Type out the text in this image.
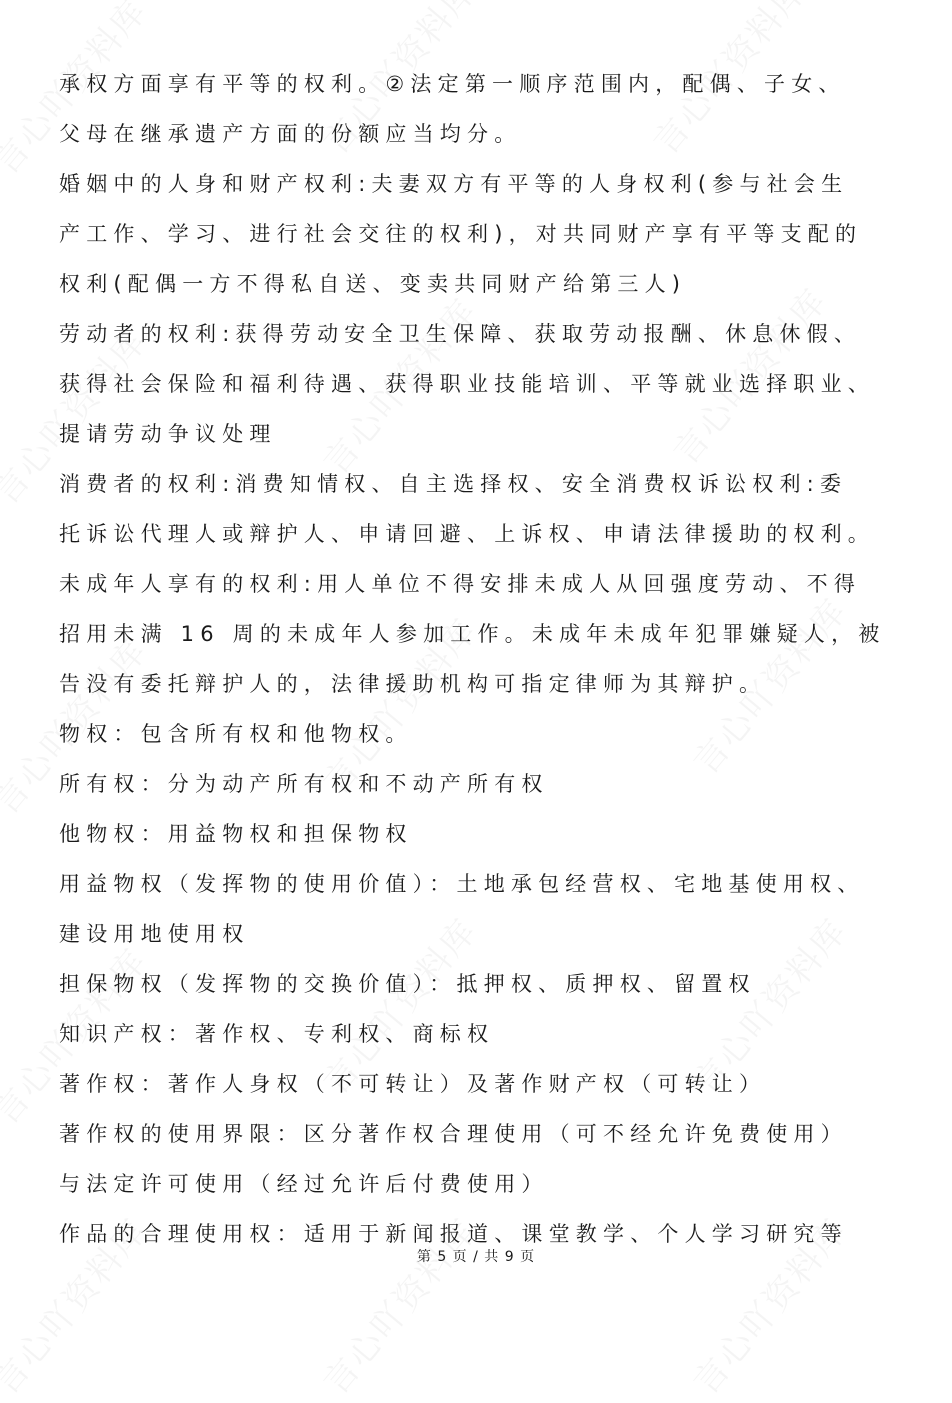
承权方面享有平等的权利。②法定第一顺序范围内，配偶、子女、
父母在继承遗产方面的份额应当均分。
婚姻中的人身和财产权利:夫妻双方有平等的人身权利(参与社会生
产工作、学习、进行社会交往的权利)，对共同财产享有平等支配的
权利(配偶一方不得私自送、变卖共同财产给第三人)
劳动者的权利:获得劳动安全卫生保障、获取劳动报酬、休息休假、
获得社会保险和福利待遇、获得职业技能培训、平等就业选择职业、
提请劳动争议处理
消费者的权利:消费知情权、自主选择权、安全消费权诉讼权利:委
托诉讼代理人或辩护人、申请回避、上诉权、申请法律援助的权利。
未成年人享有的权利:用人单位不得安排未成人从回强度劳动、不得
招用未满 16 周的未成年人参加工作。未成年未成年犯罪嫌疑人，被
告没有委托辩护人的，法律援助机构可指定律师为其辩护。
物权：包含所有权和他物权。
所有权：分为动产所有权和不动产所有权
他物权：用益物权和担保物权
用益物权（发挥物的使用价值）：土地承包经营权、宅地基使用权、
建设用地使用权
担保物权（发挥物的交换价值）：抵押权、质押权、留置权
知识产权：著作权、专利权、商标权
著作权：著作人身权（不可转让）及著作财产权（可转让）
著作权的使用界限：区分著作权合理使用（可不经允许免费使用）
与法定许可使用（经过允许后付费使用）
作品的合理使用权：适用于新闻报道、课堂教学、个人学习研究等
第 5 页 / 共 9 页
